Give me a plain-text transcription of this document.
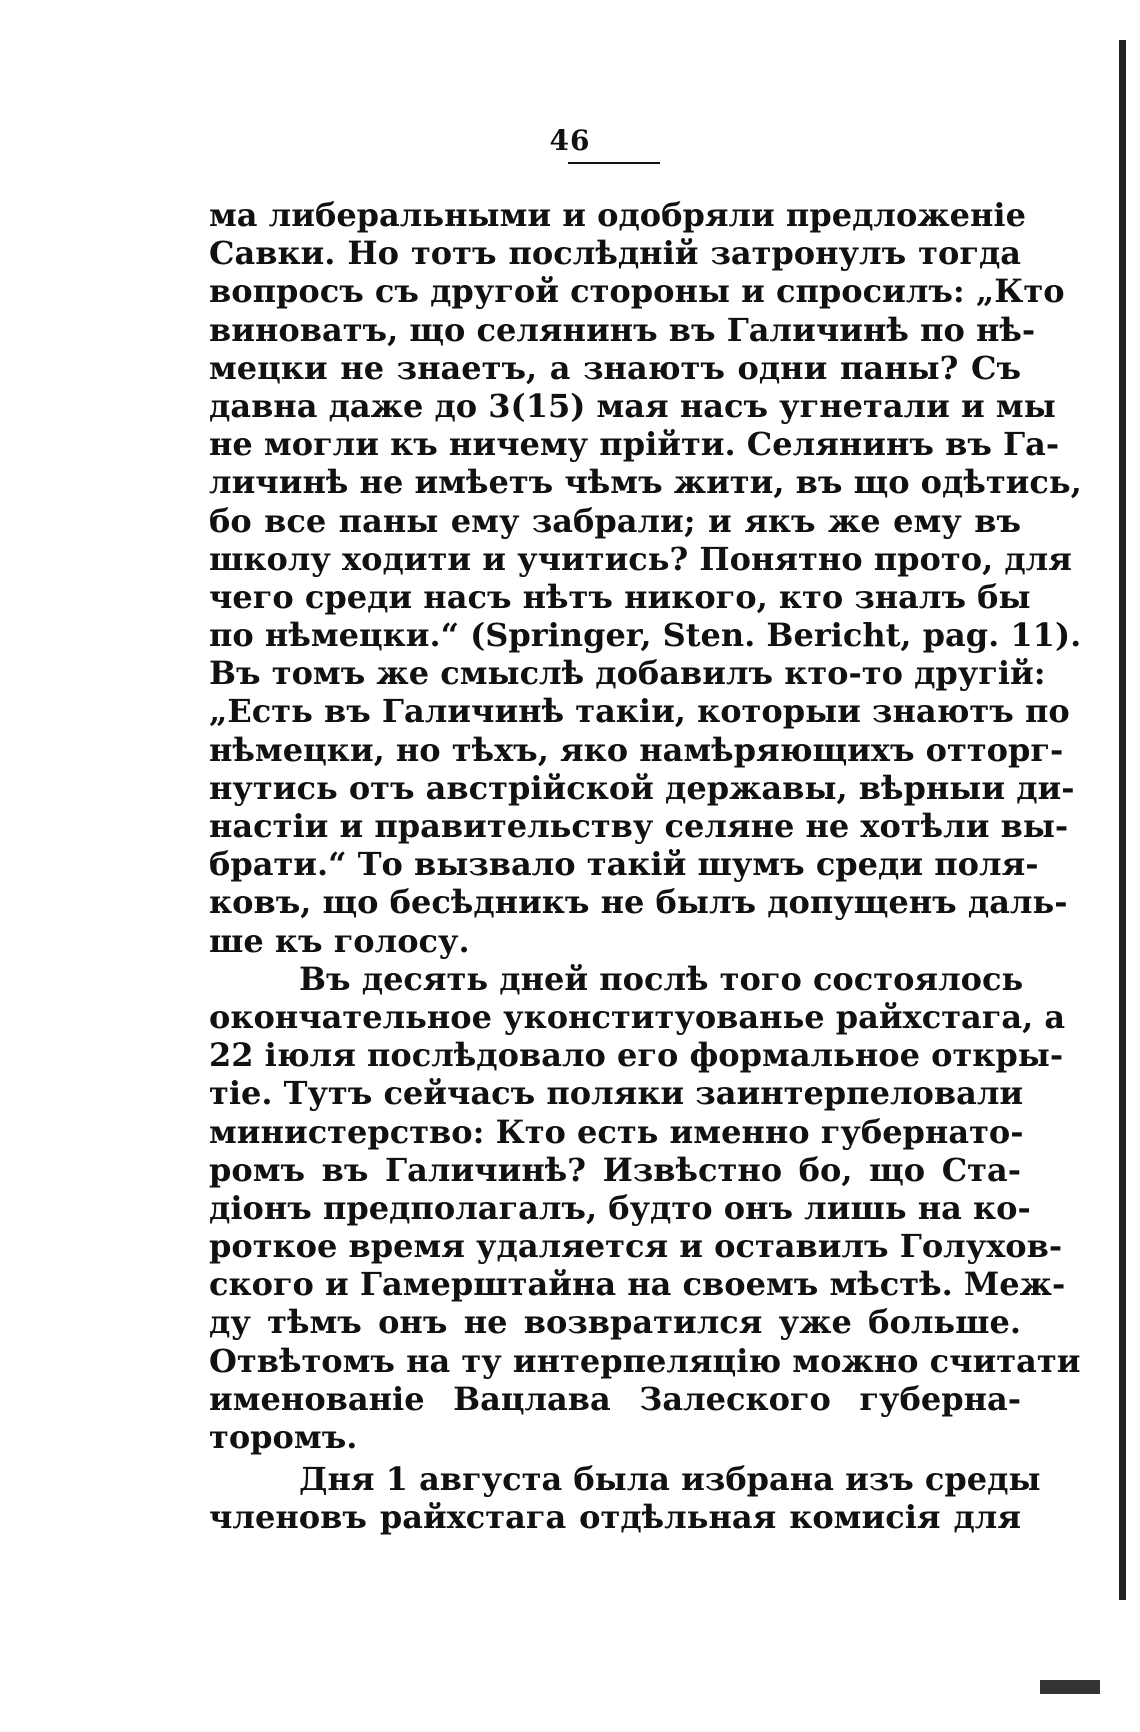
46
ма либеральными и одобряли предложеніе
Савки. Но тотъ послѣдній затронулъ тогда
вопросъ съ другой стороны и спросилъ: „Кто
виноватъ, що селянинъ въ Галичинѣ по нѣ-
мецки не знаетъ, а знаютъ одни паны? Съ
давна даже до 3(15) мая насъ угнетали и мы
не могли къ ничему прійти. Селянинъ въ Га-
личинѣ не имѣетъ чѣмъ жити, въ що одѣтись,
бо все паны ему забрали; и якъ же ему въ
школу ходити и учитись? Понятно прото, для
чего среди насъ нѣтъ никого, кто зналъ бы
по нѣмецки.“ (Springer, Sten. Bericht, pag. 11).
Въ томъ же смыслѣ добавилъ кто-то другій:
„Есть въ Галичинѣ такіи, которыи знаютъ по
нѣмецки, но тѣхъ, яко намѣряющихъ отторг-
нутись отъ австрійской державы, вѣрныи ди-
настіи и правительству селяне не хотѣли вы-
брати.“ То вызвало такій шумъ среди поля-
ковъ, що бесѣдникъ не былъ допущенъ даль-
ше къ голосу.
Въ десять дней послѣ того состоялось
окончательное уконституованье райхстага, а
22 іюля послѣдовало его формальное откры-
тіе. Тутъ сейчасъ поляки заинтерпеловали
министерство: Кто есть именно губернато-
ромъ въ Галичинѣ? Извѣстно бо, що Ста-
діонъ предполагалъ, будто онъ лишь на ко-
роткое время удаляется и оставилъ Голухов-
ского и Гамерштайна на своемъ мѣстѣ. Меж-
ду тѣмъ онъ не возвратился уже больше.
Отвѣтомъ на ту интерпеляцію можно считати
именованіе Вацлава Залеского губерна-
торомъ.
Дня 1 августа была избрана изъ среды
членовъ райхстага отдѣльная комисія для
